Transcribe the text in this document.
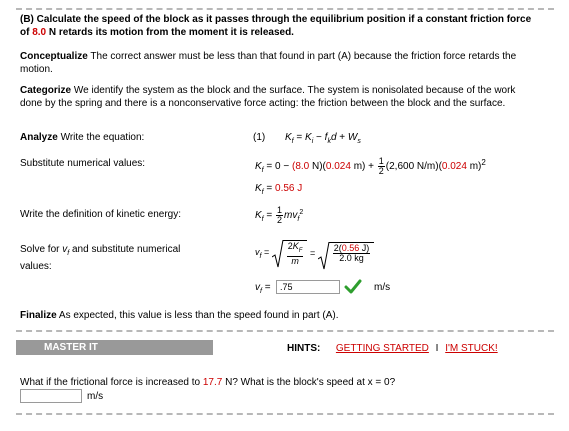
(B) Calculate the speed of the block as it passes through the equilibrium position if a constant friction force of 8.0 N retards its motion from the moment it is released.
Conceptualize The correct answer must be less than that found in part (A) because the friction force retards the motion.
Categorize We identify the system as the block and the surface. The system is nonisolated because of the work done by the spring and there is a nonconservative force acting: the friction between the block and the surface.
Analyze Write the equation:	(1) $K_f = K_i - f_kd + W_s$
Substitute numerical values:	$K_f = 0 - (8.0$ N)(0.024 $m) + \frac{1}{2} (2,600$ N/m)(0.024 m)$^2$
$K_f = 0.56$ J
Write the definition of kinetic energy:	$K_f = \frac{1}{2} mv_f^2$
Solve for $v_f$ and substitute numerical
values:
$v_f = \frac{2K_F}{m} = \frac{2(0.56 J)}{2.0 kg}$
$v_f$ =
.75	m/s
Finalize As expected, this value is less than the speed found in part (A).
MASTER IT	HINTS: GETTING STARTED I I'M STUCK!
What if the frictional force is increased to 17.7 N? What is the block's speed at x = 0?
m/s
